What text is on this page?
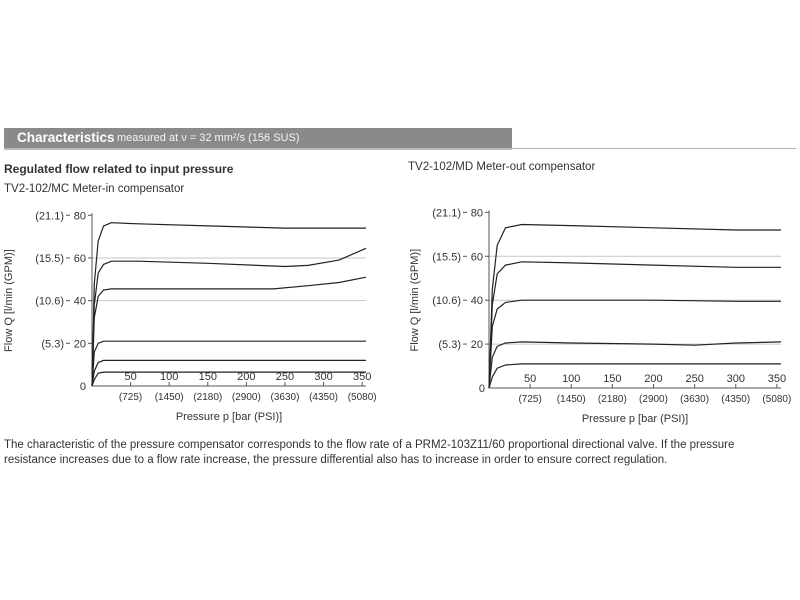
Characteristics measured at ν = 32 mm²/s (156 SUS)
Regulated flow related to input pressure
TV2-102/MC Meter-in compensator
TV2-102/MD Meter-out compensator
20
(5.3)
40
(10.6)
60
(15.5)
80
(21.1)
0
50
(725)
100
(1450)
150
(2180)
200
(2900)
250
(3630)
300
(4350)
350
(5080)
Pressure p [bar (PSI)]
Flow Q [l/min (GPM)]	20
(5.3)
40
(10.6)
60
(15.5)
80
(21.1)
0
50
(725)
100
(1450)
150
(2180)
200
(2900)
250
(3630)
300
(4350)
350
(5080)
Pressure p [bar (PSI)]
Flow Q [l/min (GPM)]
The characteristic of the pressure compensator corresponds to the flow rate of a PRM2-103Z11/60 proportional directional valve. If the pressure resistance increases due to a flow rate increase, the pressure differential also has to increase in order to ensure correct regulation.
